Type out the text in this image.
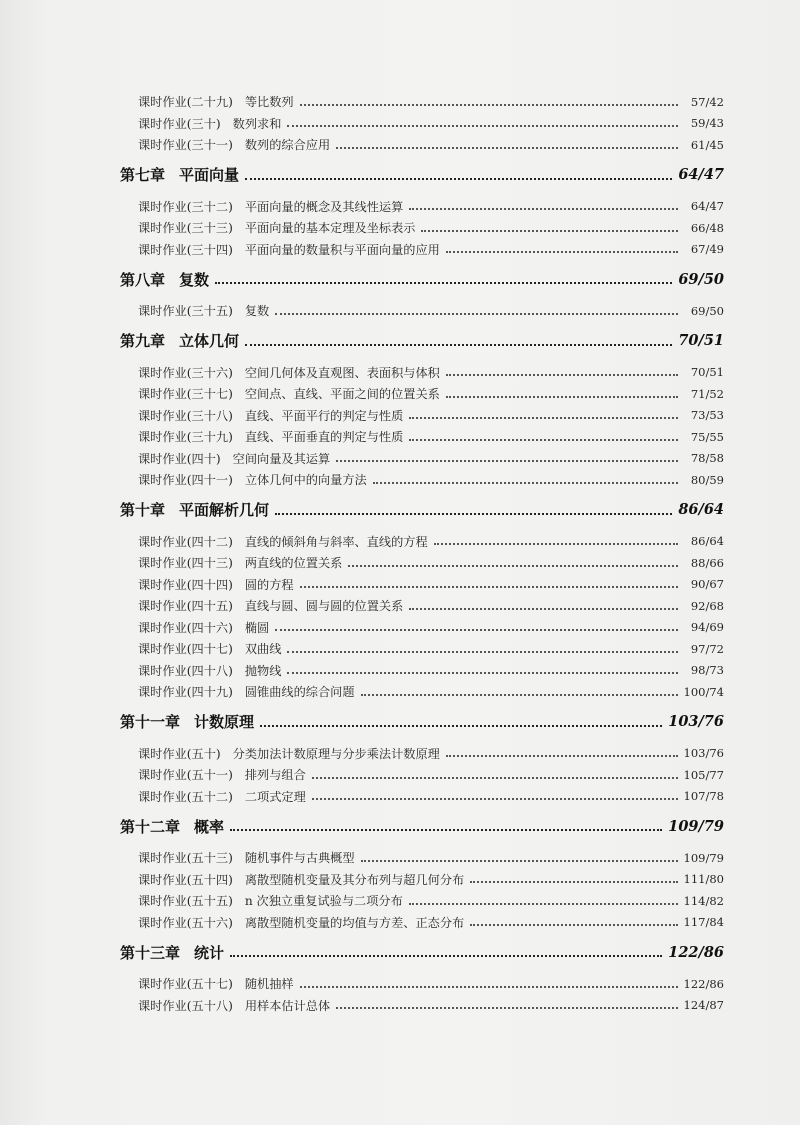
课时作业(二十九) 等比数列	57/42
课时作业(三十) 数列求和	59/43
课时作业(三十一) 数列的综合应用	61/45
第七章 平面向量	64/47
课时作业(三十二) 平面向量的概念及其线性运算	64/47
课时作业(三十三) 平面向量的基本定理及坐标表示	66/48
课时作业(三十四) 平面向量的数量积与平面向量的应用	67/49
第八章 复数	69/50
课时作业(三十五) 复数	69/50
第九章 立体几何	70/51
课时作业(三十六) 空间几何体及直观图、表面积与体积	70/51
课时作业(三十七) 空间点、直线、平面之间的位置关系	71/52
课时作业(三十八) 直线、平面平行的判定与性质	73/53
课时作业(三十九) 直线、平面垂直的判定与性质	75/55
课时作业(四十) 空间向量及其运算	78/58
课时作业(四十一) 立体几何中的向量方法	80/59
第十章 平面解析几何	86/64
课时作业(四十二) 直线的倾斜角与斜率、直线的方程	86/64
课时作业(四十三) 两直线的位置关系	88/66
课时作业(四十四) 圆的方程	90/67
课时作业(四十五) 直线与圆、圆与圆的位置关系	92/68
课时作业(四十六) 椭圆	94/69
课时作业(四十七) 双曲线	97/72
课时作业(四十八) 抛物线	98/73
课时作业(四十九) 圆锥曲线的综合问题	100/74
第十一章 计数原理	103/76
课时作业(五十) 分类加法计数原理与分步乘法计数原理	103/76
课时作业(五十一) 排列与组合	105/77
课时作业(五十二) 二项式定理	107/78
第十二章 概率	109/79
课时作业(五十三) 随机事件与古典概型	109/79
课时作业(五十四) 离散型随机变量及其分布列与超几何分布	111/80
课时作业(五十五) n 次独立重复试验与二项分布	114/82
课时作业(五十六) 离散型随机变量的均值与方差、正态分布	117/84
第十三章 统计	122/86
课时作业(五十七) 随机抽样	122/86
课时作业(五十八) 用样本估计总体	124/87
